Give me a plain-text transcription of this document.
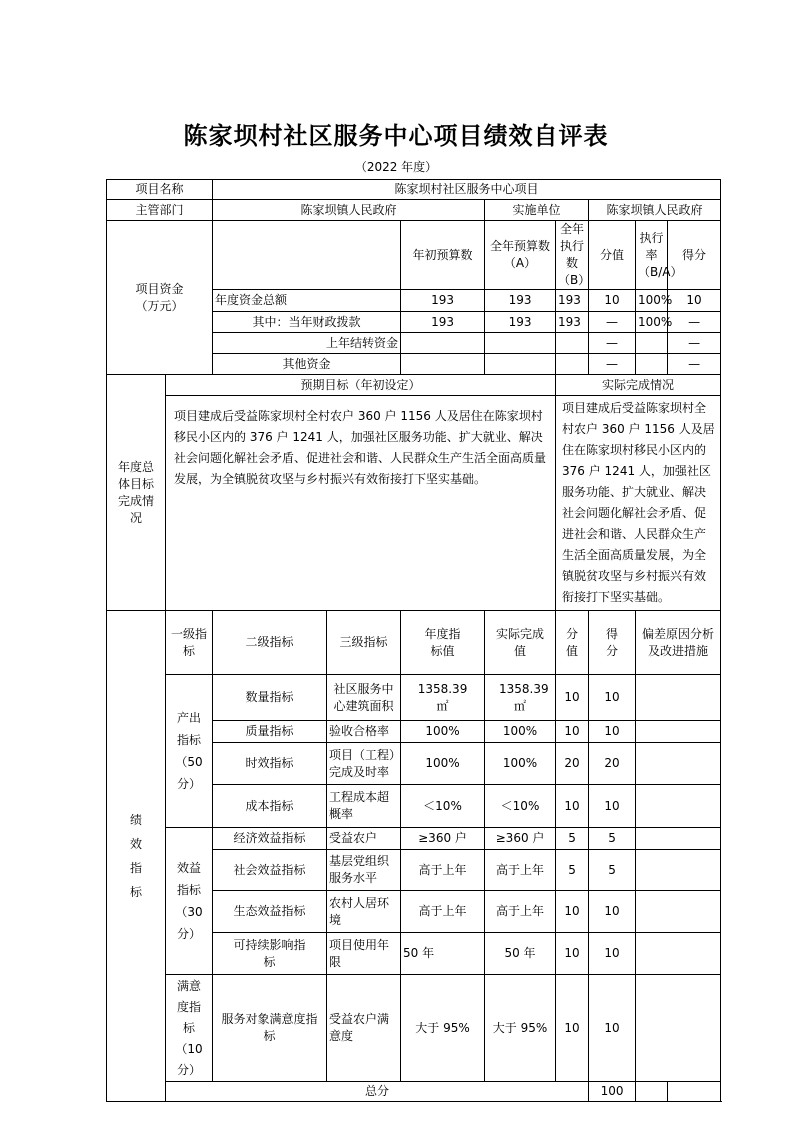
陈家坝村社区服务中心项目绩效自评表
（2022 年度）
项目名称		陈家坝村社区服务中心项目							
主管部门		陈家坝镇人民政府			实施单位		陈家坝镇人民政府		
项目资金
（万元）				年初预算数	全年预算数（A）	全年执行数（B）	分值	执行率（B/A）	得分
		年度资金总额		193	193	193	10	100%	10
		其中：当年财政拨款		193	193	193	—	100%	—
		上年结转资金					—		—
		其他资金					—		—
年度总体目标完成情况	预期目标（年初设定）					实际完成情况			
	项目建成后受益陈家坝村全村农户 360 户 1156 人及居住在陈家坝村移民小区内的 376 户 1241 人，加强社区服务功能、扩大就业、解决社会问题化解社会矛盾、促进社会和谐、人民群众生产生活全面高质量发展，为全镇脱贫攻坚与乡村振兴有效衔接打下坚实基础。					项目建成后受益陈家坝村全村农户 360 户 1156 人及居住在陈家坝村移民小区内的 376 户 1241 人，加强社区服务功能、扩大就业、解决社会问题化解社会矛盾、促进社会和谐、人民群众生产生活全面高质量发展，为全镇脱贫攻坚与乡村振兴有效衔接打下坚实基础。			
绩效指标	一级指标	二级指标	三级指标	年度指标值	实际完成值	分值	得分	偏差原因分析及改进措施	
	产出指标（50 分）	数量指标	社区服务中心建筑面积	1358.39 ㎡	1358.39 ㎡	10	10		
		质量指标	验收合格率	100%	100%	10	10		
		时效指标	项目（工程）完成及时率	100%	100%	20	20		
		成本指标	工程成本超概率	＜10%	＜10%	10	10		
	效益指标（30 分）	经济效益指标	受益农户	≥360 户	≥360 户	5	5		
		社会效益指标	基层党组织服务水平	高于上年	高于上年	5	5		
		生态效益指标	农村人居环境	高于上年	高于上年	10	10		
		可持续影响指标	项目使用年限	50 年	50 年	10	10		
	满意度指标（10 分）	服务对象满意度指标	受益农户满意度	大于 95%	大于 95%	10	10		
	总分						100		
